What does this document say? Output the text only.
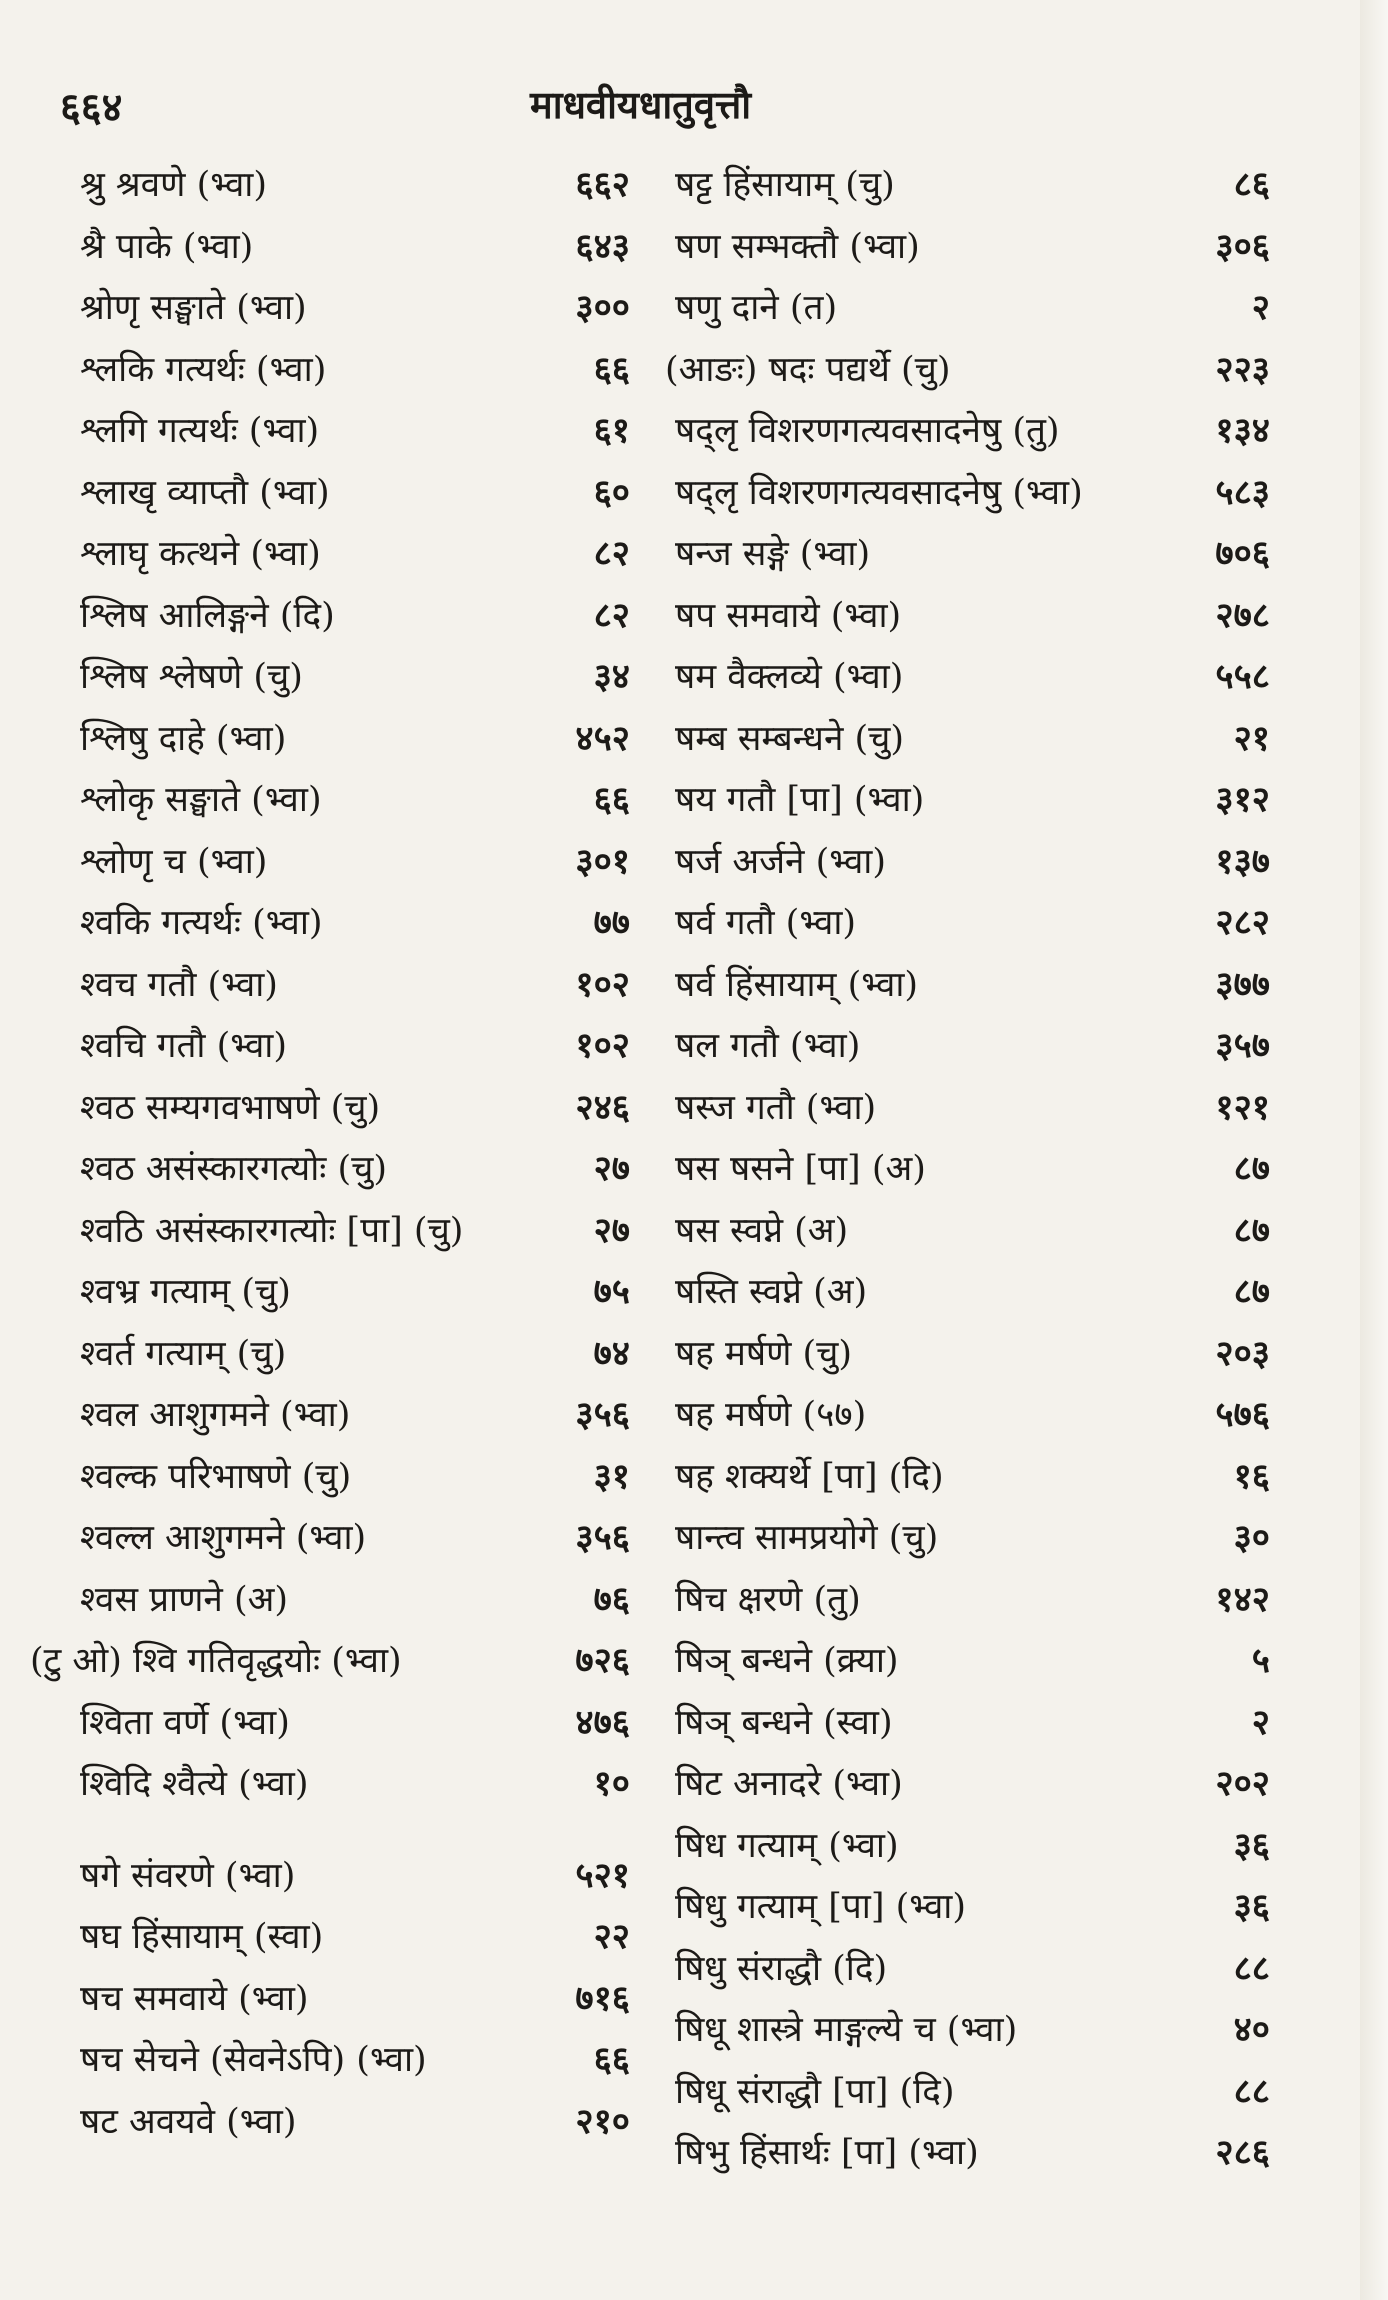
६६४	माधवीयधातुवृत्तौ
श्रु श्रवणे (भ्वा)	६६२
श्रै पाके (भ्वा)	६४३
श्रोणृ सङ्घाते (भ्वा)	३००
श्लकि गत्यर्थः (भ्वा)	६६
श्लगि गत्यर्थः (भ्वा)	६१
श्लाखृ व्याप्तौ (भ्वा)	६०
श्लाघृ कत्थने (भ्वा)	८२
श्लिष आलिङ्गने (दि)	८२
श्लिष श्लेषणे (चु)	३४
श्लिषु दाहे (भ्वा)	४५२
श्लोकृ सङ्घाते (भ्वा)	६६
श्लोणृ च (भ्वा)	३०१
श्वकि गत्यर्थः (भ्वा)	७७
श्वच गतौ (भ्वा)	१०२
श्वचि गतौ (भ्वा)	१०२
श्वठ सम्यगवभाषणे (चु)	२४६
श्वठ असंस्कारगत्योः (चु)	२७
श्वठि असंस्कारगत्योः [पा] (चु)	२७
श्वभ्र गत्याम् (चु)	७५
श्वर्त गत्याम् (चु)	७४
श्वल आशुगमने (भ्वा)	३५६
श्वल्क परिभाषणे (चु)	३१
श्वल्ल आशुगमने (भ्वा)	३५६
श्वस प्राणने (अ)	७६
(टु ओ) श्वि गतिवृद्धयोः (भ्वा)	७२६
श्विता वर्णे (भ्वा)	४७६
श्विदि श्वैत्ये (भ्वा)	१०
षगे संवरणे (भ्वा)	५२१
षघ हिंसायाम् (स्वा)	२२
षच समवाये (भ्वा)	७१६
षच सेचने (सेवनेऽपि) (भ्वा)	६६
षट अवयवे (भ्वा)	२१०
षट्ट हिंसायाम् (चु)	८६
षण सम्भक्तौ (भ्वा)	३०६
षणु दाने (त)	२
(आङः) षदः पद्यर्थे (चु)	२२३
षद्लृ विशरणगत्यवसादनेषु (तु)	१३४
षद्लृ विशरणगत्यवसादनेषु (भ्वा)	५८३
षन्ज सङ्गे (भ्वा)	७०६
षप समवाये (भ्वा)	२७८
षम वैक्लव्ये (भ्वा)	५५८
षम्ब सम्बन्धने (चु)	२१
षय गतौ [पा] (भ्वा)	३१२
षर्ज अर्जने (भ्वा)	१३७
षर्व गतौ (भ्वा)	२८२
षर्व हिंसायाम् (भ्वा)	३७७
षल गतौ (भ्वा)	३५७
षस्ज गतौ (भ्वा)	१२१
षस षसने [पा] (अ)	८७
षस स्वप्ने (अ)	८७
षस्ति स्वप्ने (अ)	८७
षह मर्षणे (चु)	२०३
षह मर्षणे (५७)	५७६
षह शक्यर्थे [पा] (दि)	१६
षान्त्व सामप्रयोगे (चु)	३०
षिच क्षरणे (तु)	१४२
षिञ् बन्धने (क्र्या)	५
षिञ् बन्धने (स्वा)	२
षिट अनादरे (भ्वा)	२०२
षिध गत्याम् (भ्वा)	३६
षिधु गत्याम् [पा] (भ्वा)	३६
षिधु संराद्धौ (दि)	८८
षिधू शास्त्रे माङ्गल्ये च (भ्वा)	४०
षिधू संराद्धौ [पा] (दि)	८८
षिभु हिंसार्थः [पा] (भ्वा)	२८६
